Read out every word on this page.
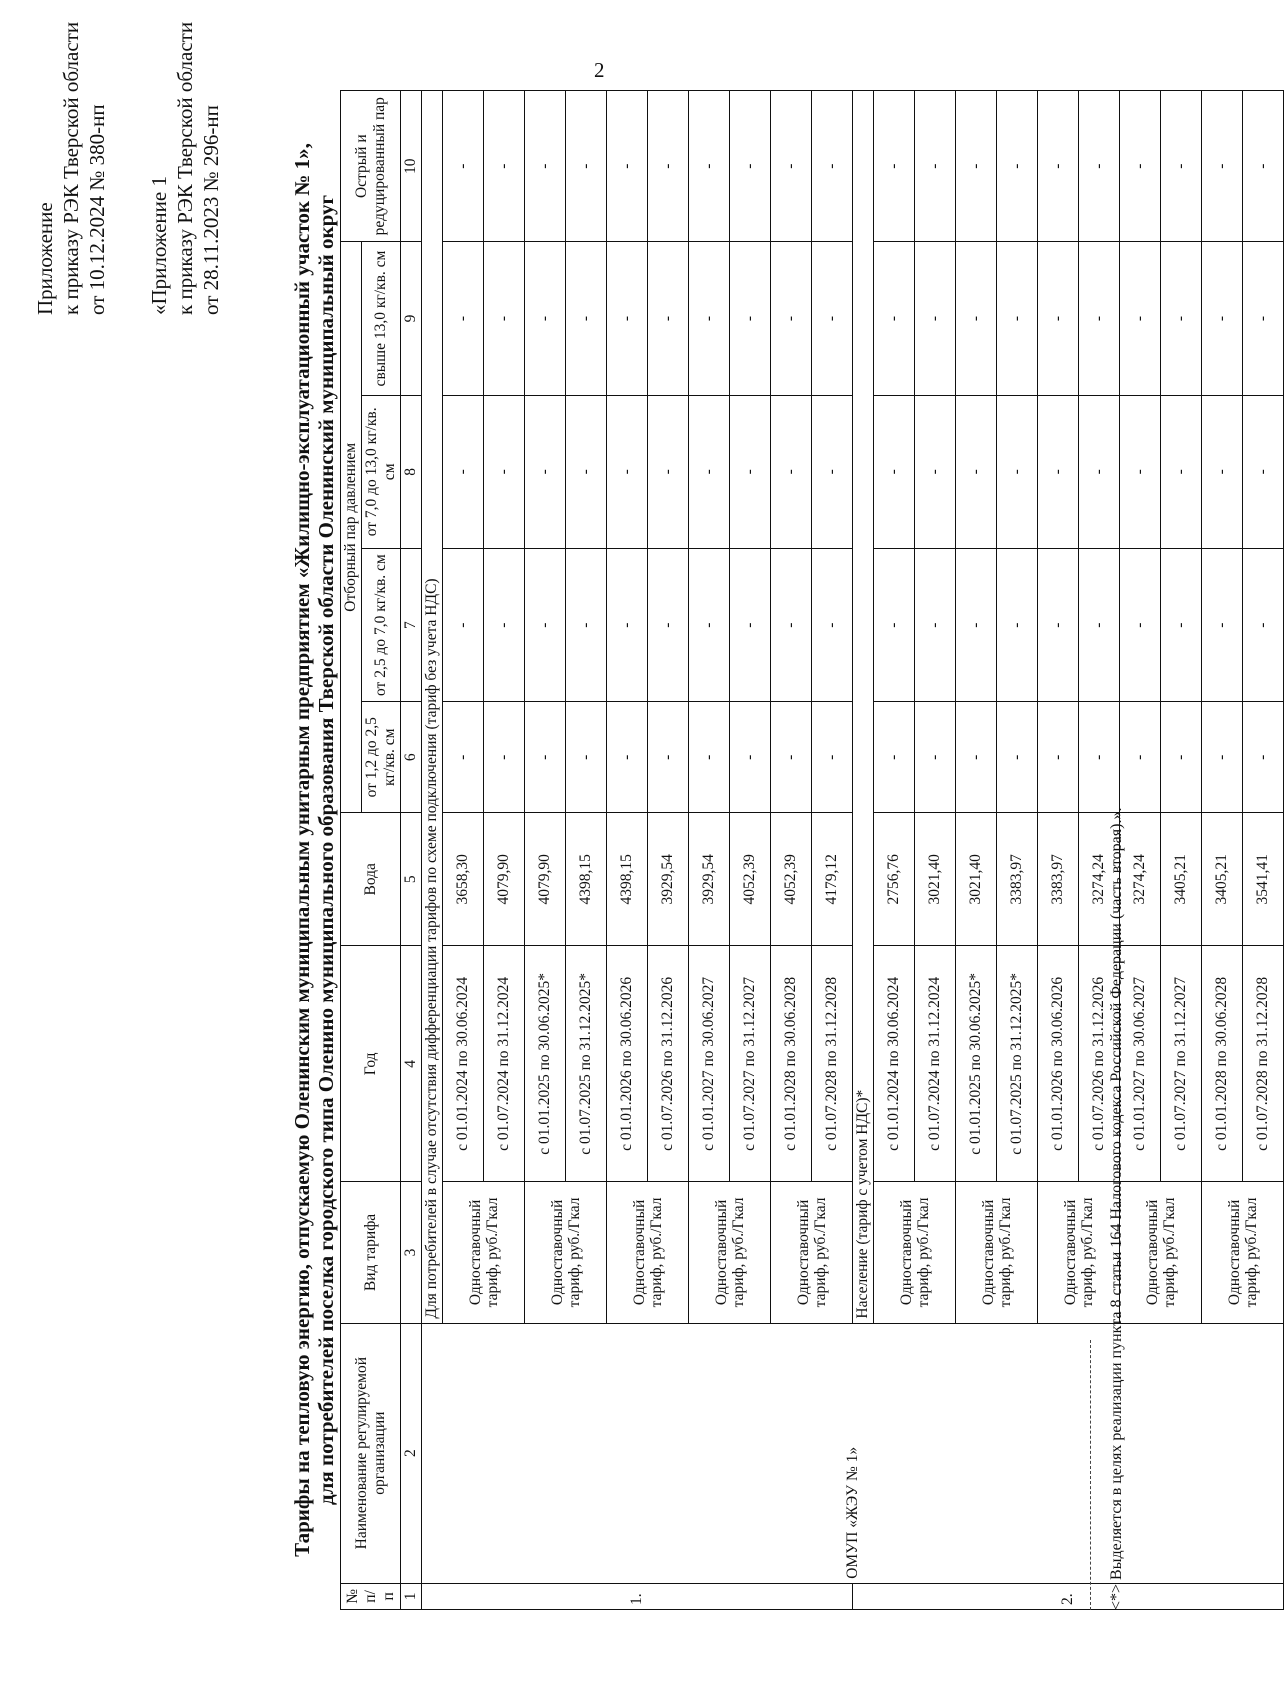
2
Приложение к приказу РЭК Тверской области от 10.12.2024 № 380-нп «Приложение 1 к приказу РЭК Тверской области от 28.11.2023 № 296-нп	Тарифы на тепловую энергию, отпускаемую Оленинским муниципальным унитарным предприятием «Жилищно-эксплуатационный участок № 1», для потребителей поселка городского типа Оленино муниципального образования Тверской области Оленинский муниципальный округ
№ п/п	Наименование регулируемой организации	Вид тарифа	Год	Вода	Отборный пар давлением				Острый и редуцированный пар
					от 1,2 до 2,5 кг/кв. см	от 2,5 до 7,0 кг/кв. см	от 7,0 до 13,0 кг/кв. см	свыше 13,0 кг/кв. см	
1	2	3	4	5	6	7	8	9	10
1.	ОМУП «ЖЭУ № 1»	Для потребителей в случае отсутствия дифференциации тарифов по схеме подключения (тариф без учета НДС)							
		Одноставочный тариф, руб./Гкал	с 01.01.2024 по 30.06.2024	3658,30	-	-	-	-	-
			с 01.07.2024 по 31.12.2024	4079,90	-	-	-	-	-
		Одноставочный тариф, руб./Гкал	с 01.01.2025 по 30.06.2025*	4079,90	-	-	-	-	-
			с 01.07.2025 по 31.12.2025*	4398,15	-	-	-	-	-
		Одноставочный тариф, руб./Гкал	с 01.01.2026 по 30.06.2026	4398,15	-	-	-	-	-
			с 01.07.2026 по 31.12.2026	3929,54	-	-	-	-	-
		Одноставочный тариф, руб./Гкал	с 01.01.2027 по 30.06.2027	3929,54	-	-	-	-	-
			с 01.07.2027 по 31.12.2027	4052,39	-	-	-	-	-
		Одноставочный тариф, руб./Гкал	с 01.01.2028 по 30.06.2028	4052,39	-	-	-	-	-
			с 01.07.2028 по 31.12.2028	4179,12	-	-	-	-	-
2.		Население (тариф с учетом НДС)*							
		Одноставочный тариф, руб./Гкал	с 01.01.2024 по 30.06.2024	2756,76	-	-	-	-	-
			с 01.07.2024 по 31.12.2024	3021,40	-	-	-	-	-
		Одноставочный тариф, руб./Гкал	с 01.01.2025 по 30.06.2025*	3021,40	-	-	-	-	-
			с 01.07.2025 по 31.12.2025*	3383,97	-	-	-	-	-
		Одноставочный тариф, руб./Гкал	с 01.01.2026 по 30.06.2026	3383,97	-	-	-	-	-
			с 01.07.2026 по 31.12.2026	3274,24	-	-	-	-	-
		Одноставочный тариф, руб./Гкал	с 01.01.2027 по 30.06.2027	3274,24	-	-	-	-	-
			с 01.07.2027 по 31.12.2027	3405,21	-	-	-	-	-
		Одноставочный тариф, руб./Гкал	с 01.01.2028 по 30.06.2028	3405,21	-	-	-	-	-
			с 01.07.2028 по 31.12.2028	3541,41	-	-	-	-	-
<*> Выделяется в целях реализации пункта 8 статьи 164 Налогового кодекса Российской Федерации (часть вторая).».
